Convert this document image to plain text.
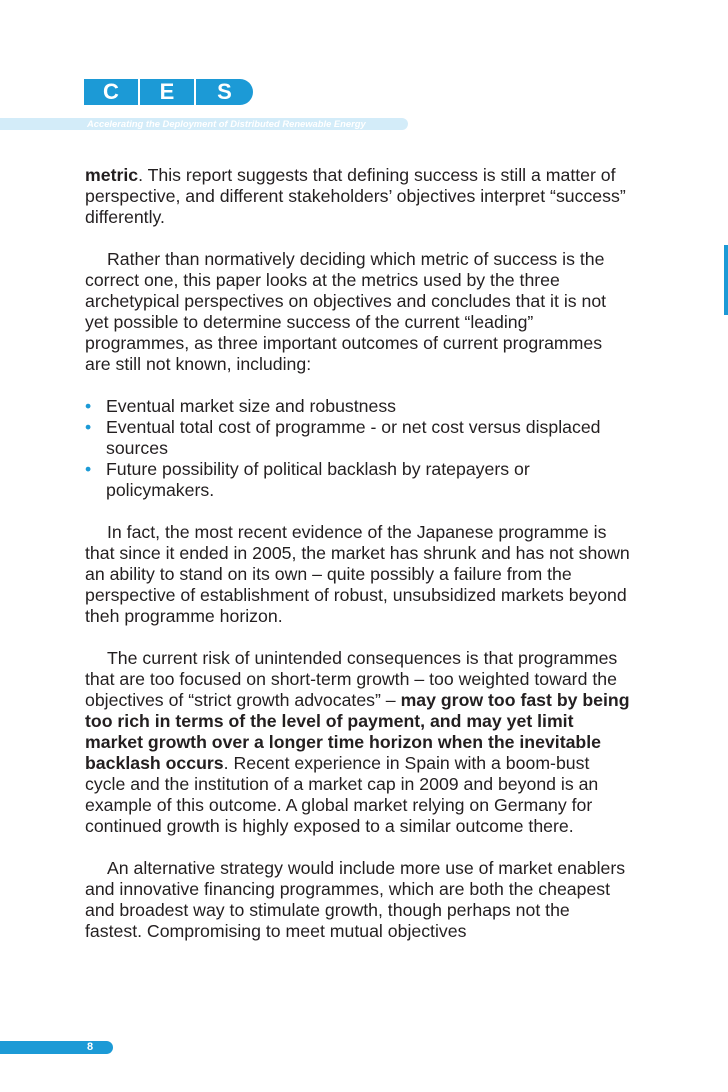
C	E	S
Accelerating the Deployment of Distributed Renewable Energy

metric. This report suggests that defining success is still a matter of perspective, and different stakeholders’ objectives interpret “success” differently.

Rather than normatively deciding which metric of success is the correct one, this paper looks at the metrics used by the three archetypical perspectives on objectives and concludes that it is not yet possible to determine success of the current “leading” programmes, as three important outcomes of current programmes are still not known, including:

• Eventual market size and robustness
• Eventual total cost of programme - or net cost versus displaced sources
• Future possibility of political backlash by ratepayers or policymakers.

In fact, the most recent evidence of the Japanese programme is that since it ended in 2005, the market has shrunk and has not shown an ability to stand on its own – quite possibly a failure from the perspective of establishment of robust, unsubsidized markets beyond theh programme horizon.

The current risk of unintended consequences is that programmes that are too focused on short-term growth – too weighted toward the objectives of “strict growth advocates” – may grow too fast by being too rich in terms of the level of payment, and may yet limit market growth over a longer time horizon when the inevitable backlash occurs. Recent experience in Spain with a boom-bust cycle and the institution of a market cap in 2009 and beyond is an example of this outcome. A global market relying on Germany for continued growth is highly exposed to a similar outcome there.

An alternative strategy would include more use of market enablers and innovative financing programmes, which are both the cheapest and broadest way to stimulate growth, though perhaps not the fastest. Compromising to meet mutual objectives

8
